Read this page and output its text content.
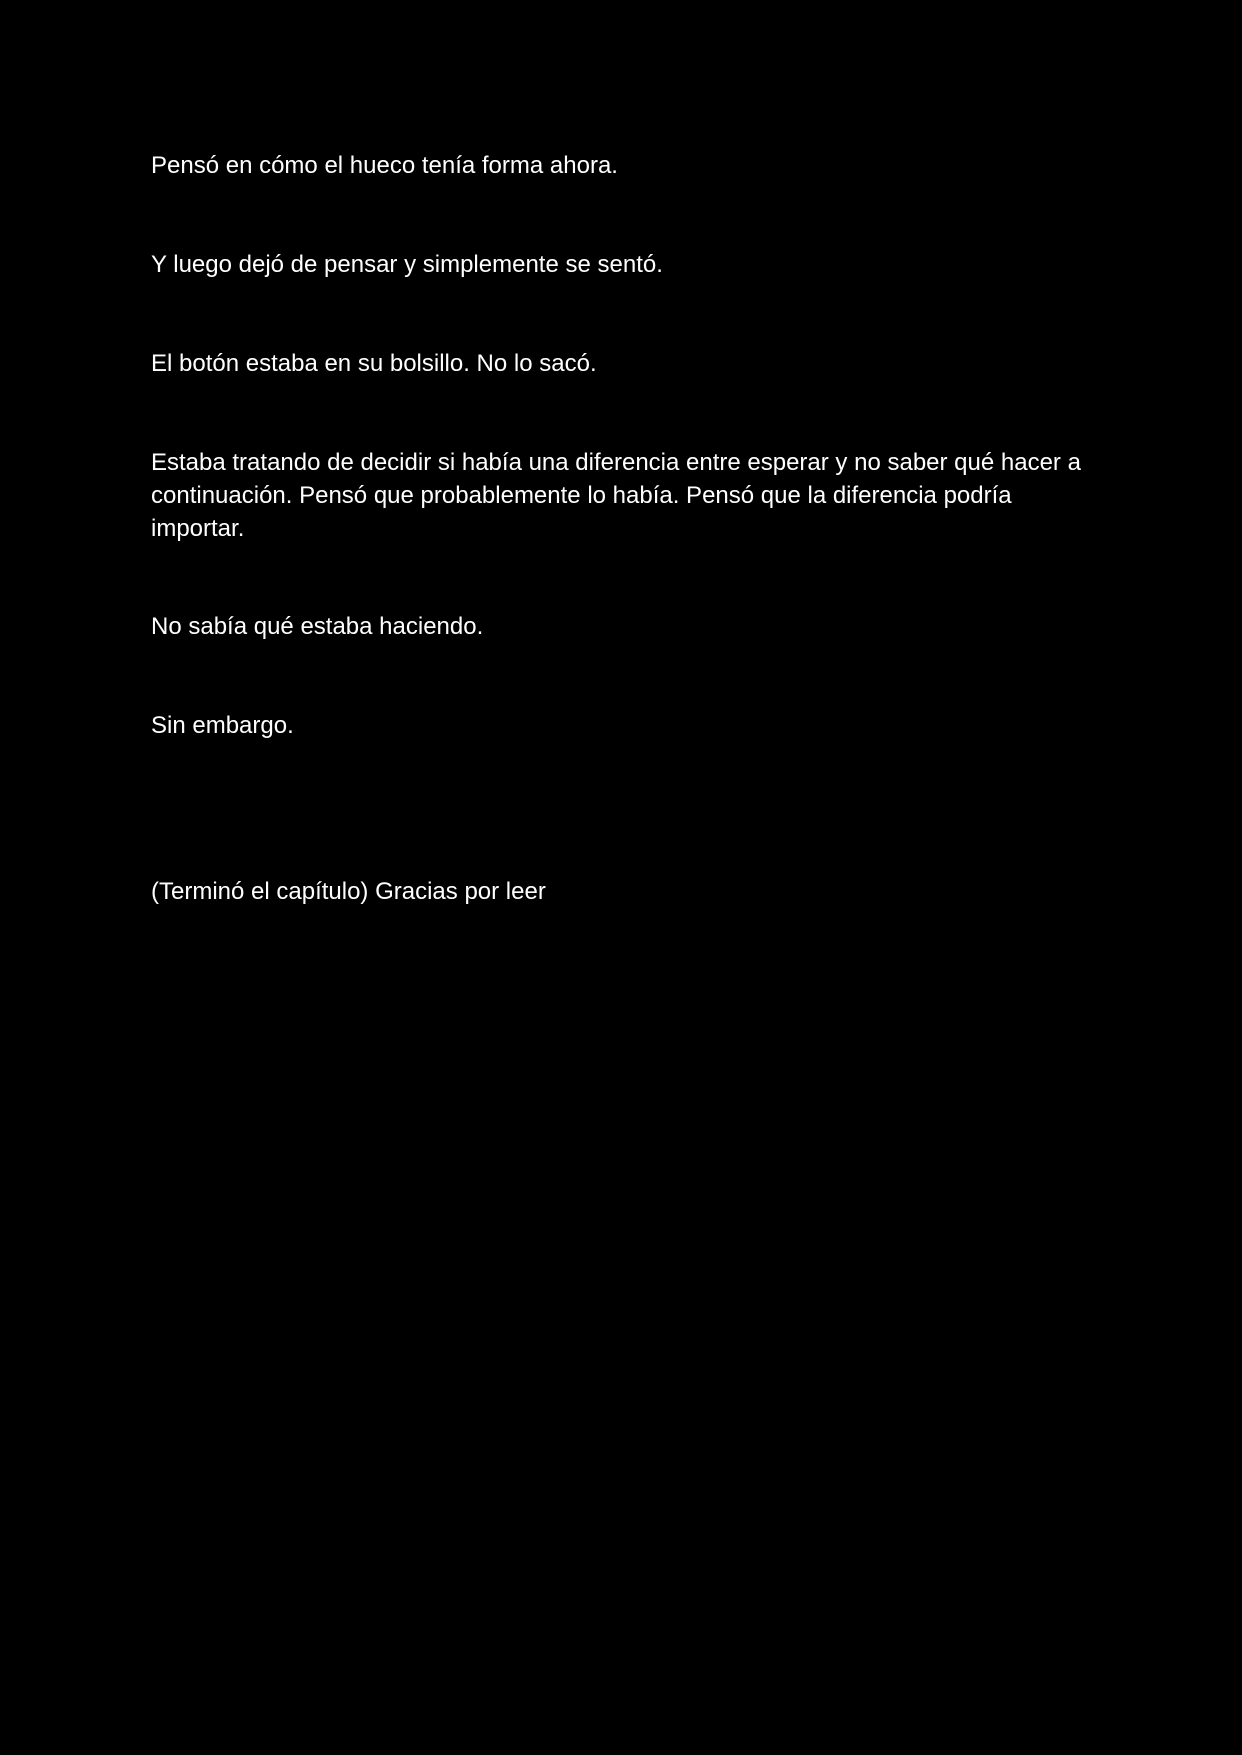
Pensó en cómo el hueco tenía forma ahora.

Y luego dejó de pensar y simplemente se sentó.

El botón estaba en su bolsillo. No lo sacó.

Estaba tratando de decidir si había una diferencia entre esperar y no saber qué hacer a continuación. Pensó que probablemente lo había. Pensó que la diferencia podría importar.

No sabía qué estaba haciendo.

Sin embargo.

(Terminó el capítulo) Gracias por leer
